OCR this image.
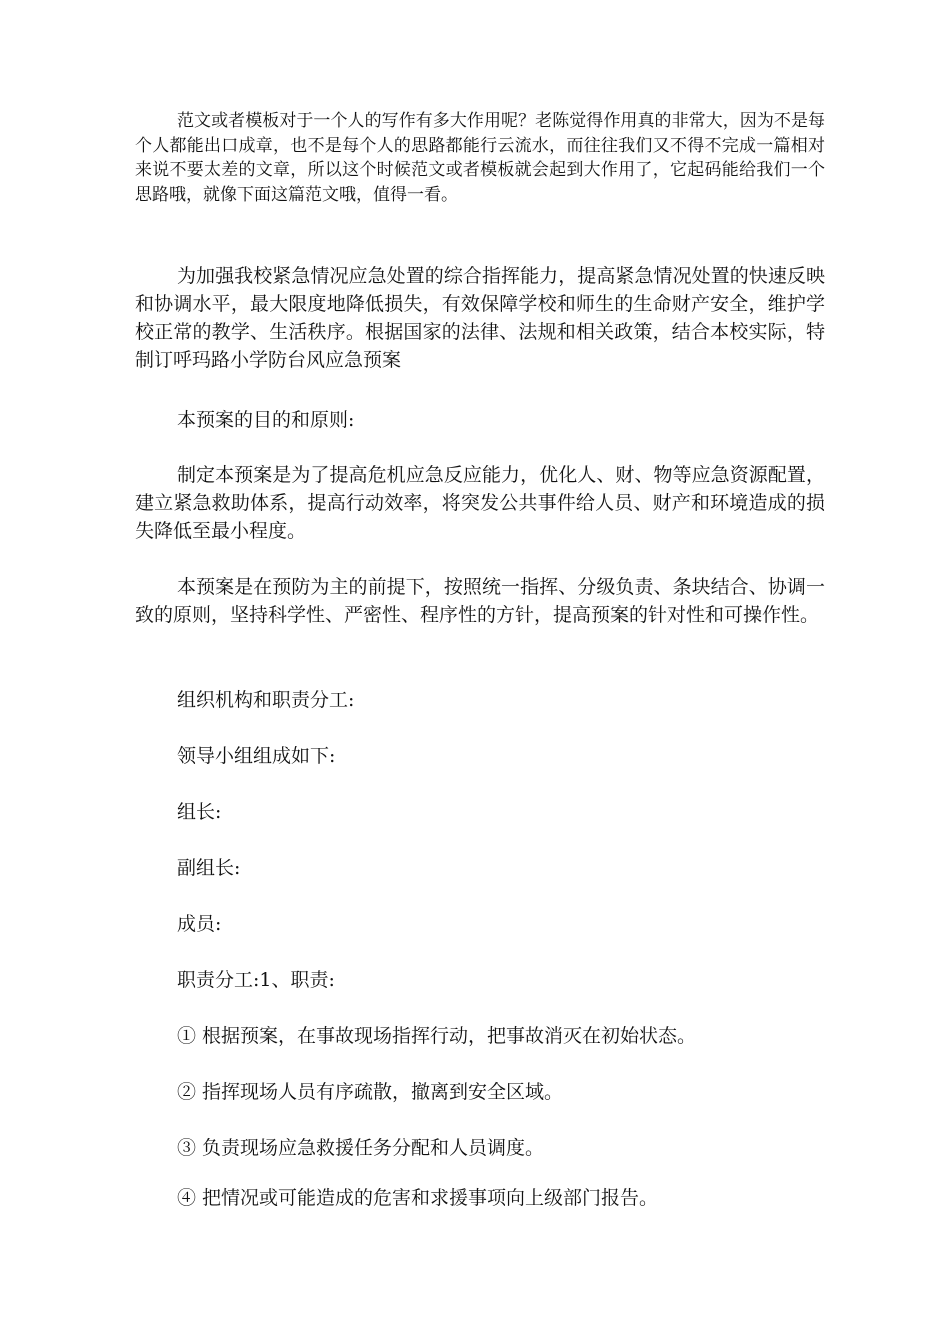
范文或者模板对于一个人的写作有多大作用呢？老陈觉得作用真的非常大，因为不是每个人都能出口成章，也不是每个人的思路都能行云流水，而往往我们又不得不完成一篇相对来说不要太差的文章，所以这个时候范文或者模板就会起到大作用了，它起码能给我们一个思路哦，就像下面这篇范文哦，值得一看。

为加强我校紧急情况应急处置的综合指挥能力，提高紧急情况处置的快速反映和协调水平，最大限度地降低损失，有效保障学校和师生的生命财产安全，维护学校正常的教学、生活秩序。根据国家的法律、法规和相关政策，结合本校实际，特制订呼玛路小学防台风应急预案

本预案的目的和原则:

制定本预案是为了提高危机应急反应能力，优化人、财、物等应急资源配置，建立紧急救助体系，提高行动效率，将突发公共事件给人员、财产和环境造成的损失降低至最小程度。

本预案是在预防为主的前提下，按照统一指挥、分级负责、条块结合、协调一致的原则，坚持科学性、严密性、程序性的方针，提高预案的针对性和可操作性。

组织机构和职责分工:

领导小组组成如下:

组长:

副组长:

成员:

职责分工:1、职责:

① 根据预案，在事故现场指挥行动，把事故消灭在初始状态。

② 指挥现场人员有序疏散，撤离到安全区域。

③ 负责现场应急救援任务分配和人员调度。

④ 把情况或可能造成的危害和求援事项向上级部门报告。
